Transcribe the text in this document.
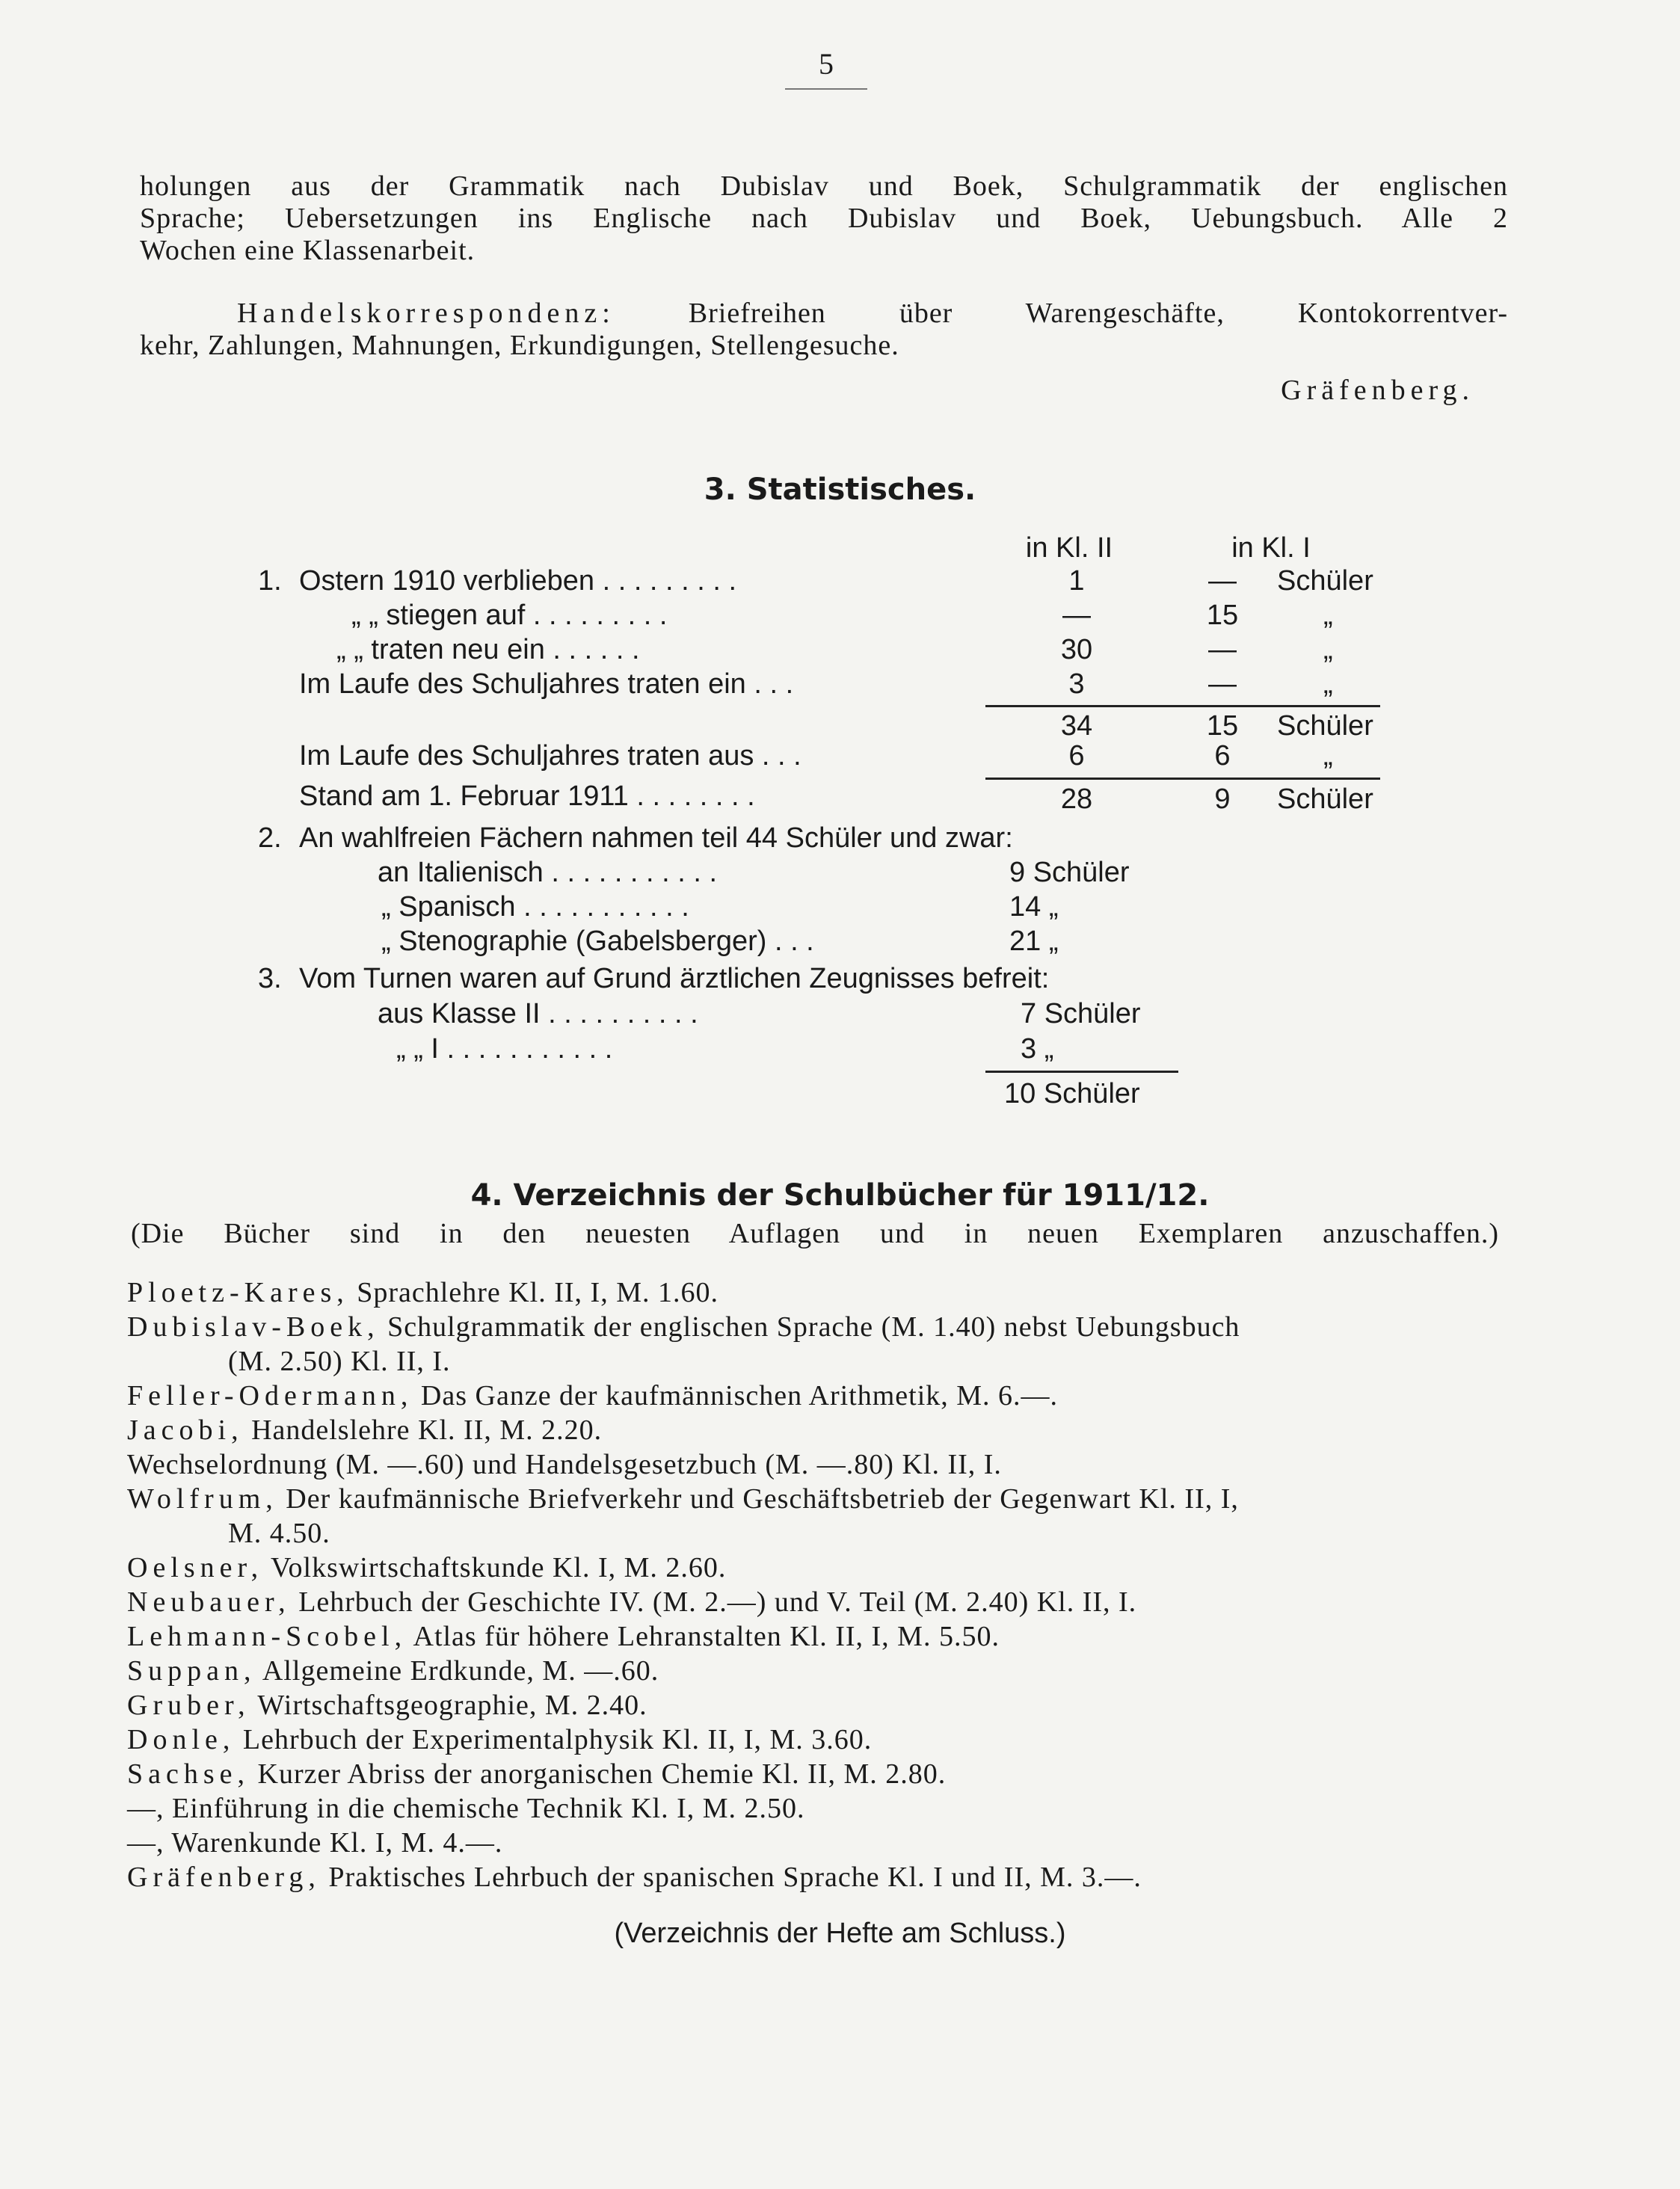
5
holungen aus der Grammatik nach Dubislav und Boek, Schulgrammatik der englischen
Sprache; Uebersetzungen ins Englische nach Dubislav und Boek, Uebungsbuch. Alle 2
Wochen eine Klassenarbeit.
Handelskorrespondenz: Briefreihen über Warengeschäfte, Kontokorrentver-
kehr, Zahlungen, Mahnungen, Erkundigungen, Stellengesuche.
Gräfenberg.
3. Statistisches.
in Kl. II	in Kl. I
1. Ostern 1910 verblieben . . . . . . . . .	1	—	Schüler
„ „ stiegen auf . . . . . . . . .	—	15	„
„ „ traten neu ein . . . . . .	30	—	„
Im Laufe des Schuljahres traten ein . . .	3	—	„
34	15	Schüler
Im Laufe des Schuljahres traten aus . . .	6	6	„
Stand am 1. Februar 1911 . . . . . . . .	28	9	Schüler
2. An wahlfreien Fächern nahmen teil 44 Schüler und zwar:
an Italienisch . . . . . . . . . . .	9 Schüler
„ Spanisch . . . . . . . . . . .	14 „
„ Stenographie (Gabelsberger) . . .	21 „
3. Vom Turnen waren auf Grund ärztlichen Zeugnisses befreit:
aus Klasse II . . . . . . . . . .	7 Schüler
„ „ I . . . . . . . . . . .	3 „
10 Schüler
4. Verzeichnis der Schulbücher für 1911/12.
(Die Bücher sind in den neuesten Auflagen und in neuen Exemplaren anzuschaffen.)
Ploetz-Kares, Sprachlehre Kl. II, I, M. 1.60.
Dubislav-Boek, Schulgrammatik der englischen Sprache (M. 1.40) nebst Uebungsbuch
(M. 2.50) Kl. II, I.
Feller-Odermann, Das Ganze der kaufmännischen Arithmetik, M. 6.—.
Jacobi, Handelslehre Kl. II, M. 2.20.
Wechselordnung (M. —.60) und Handelsgesetzbuch (M. —.80) Kl. II, I.
Wolfrum, Der kaufmännische Briefverkehr und Geschäftsbetrieb der Gegenwart Kl. II, I,
M. 4.50.
Oelsner, Volkswirtschaftskunde Kl. I, M. 2.60.
Neubauer, Lehrbuch der Geschichte IV. (M. 2.—) und V. Teil (M. 2.40) Kl. II, I.
Lehmann-Scobel, Atlas für höhere Lehranstalten Kl. II, I, M. 5.50.
Suppan, Allgemeine Erdkunde, M. —.60.
Gruber, Wirtschaftsgeographie, M. 2.40.
Donle, Lehrbuch der Experimentalphysik Kl. II, I, M. 3.60.
Sachse, Kurzer Abriss der anorganischen Chemie Kl. II, M. 2.80.
—, Einführung in die chemische Technik Kl. I, M. 2.50.
—, Warenkunde Kl. I, M. 4.—.
Gräfenberg, Praktisches Lehrbuch der spanischen Sprache Kl. I und II, M. 3.—.
(Verzeichnis der Hefte am Schluss.)
